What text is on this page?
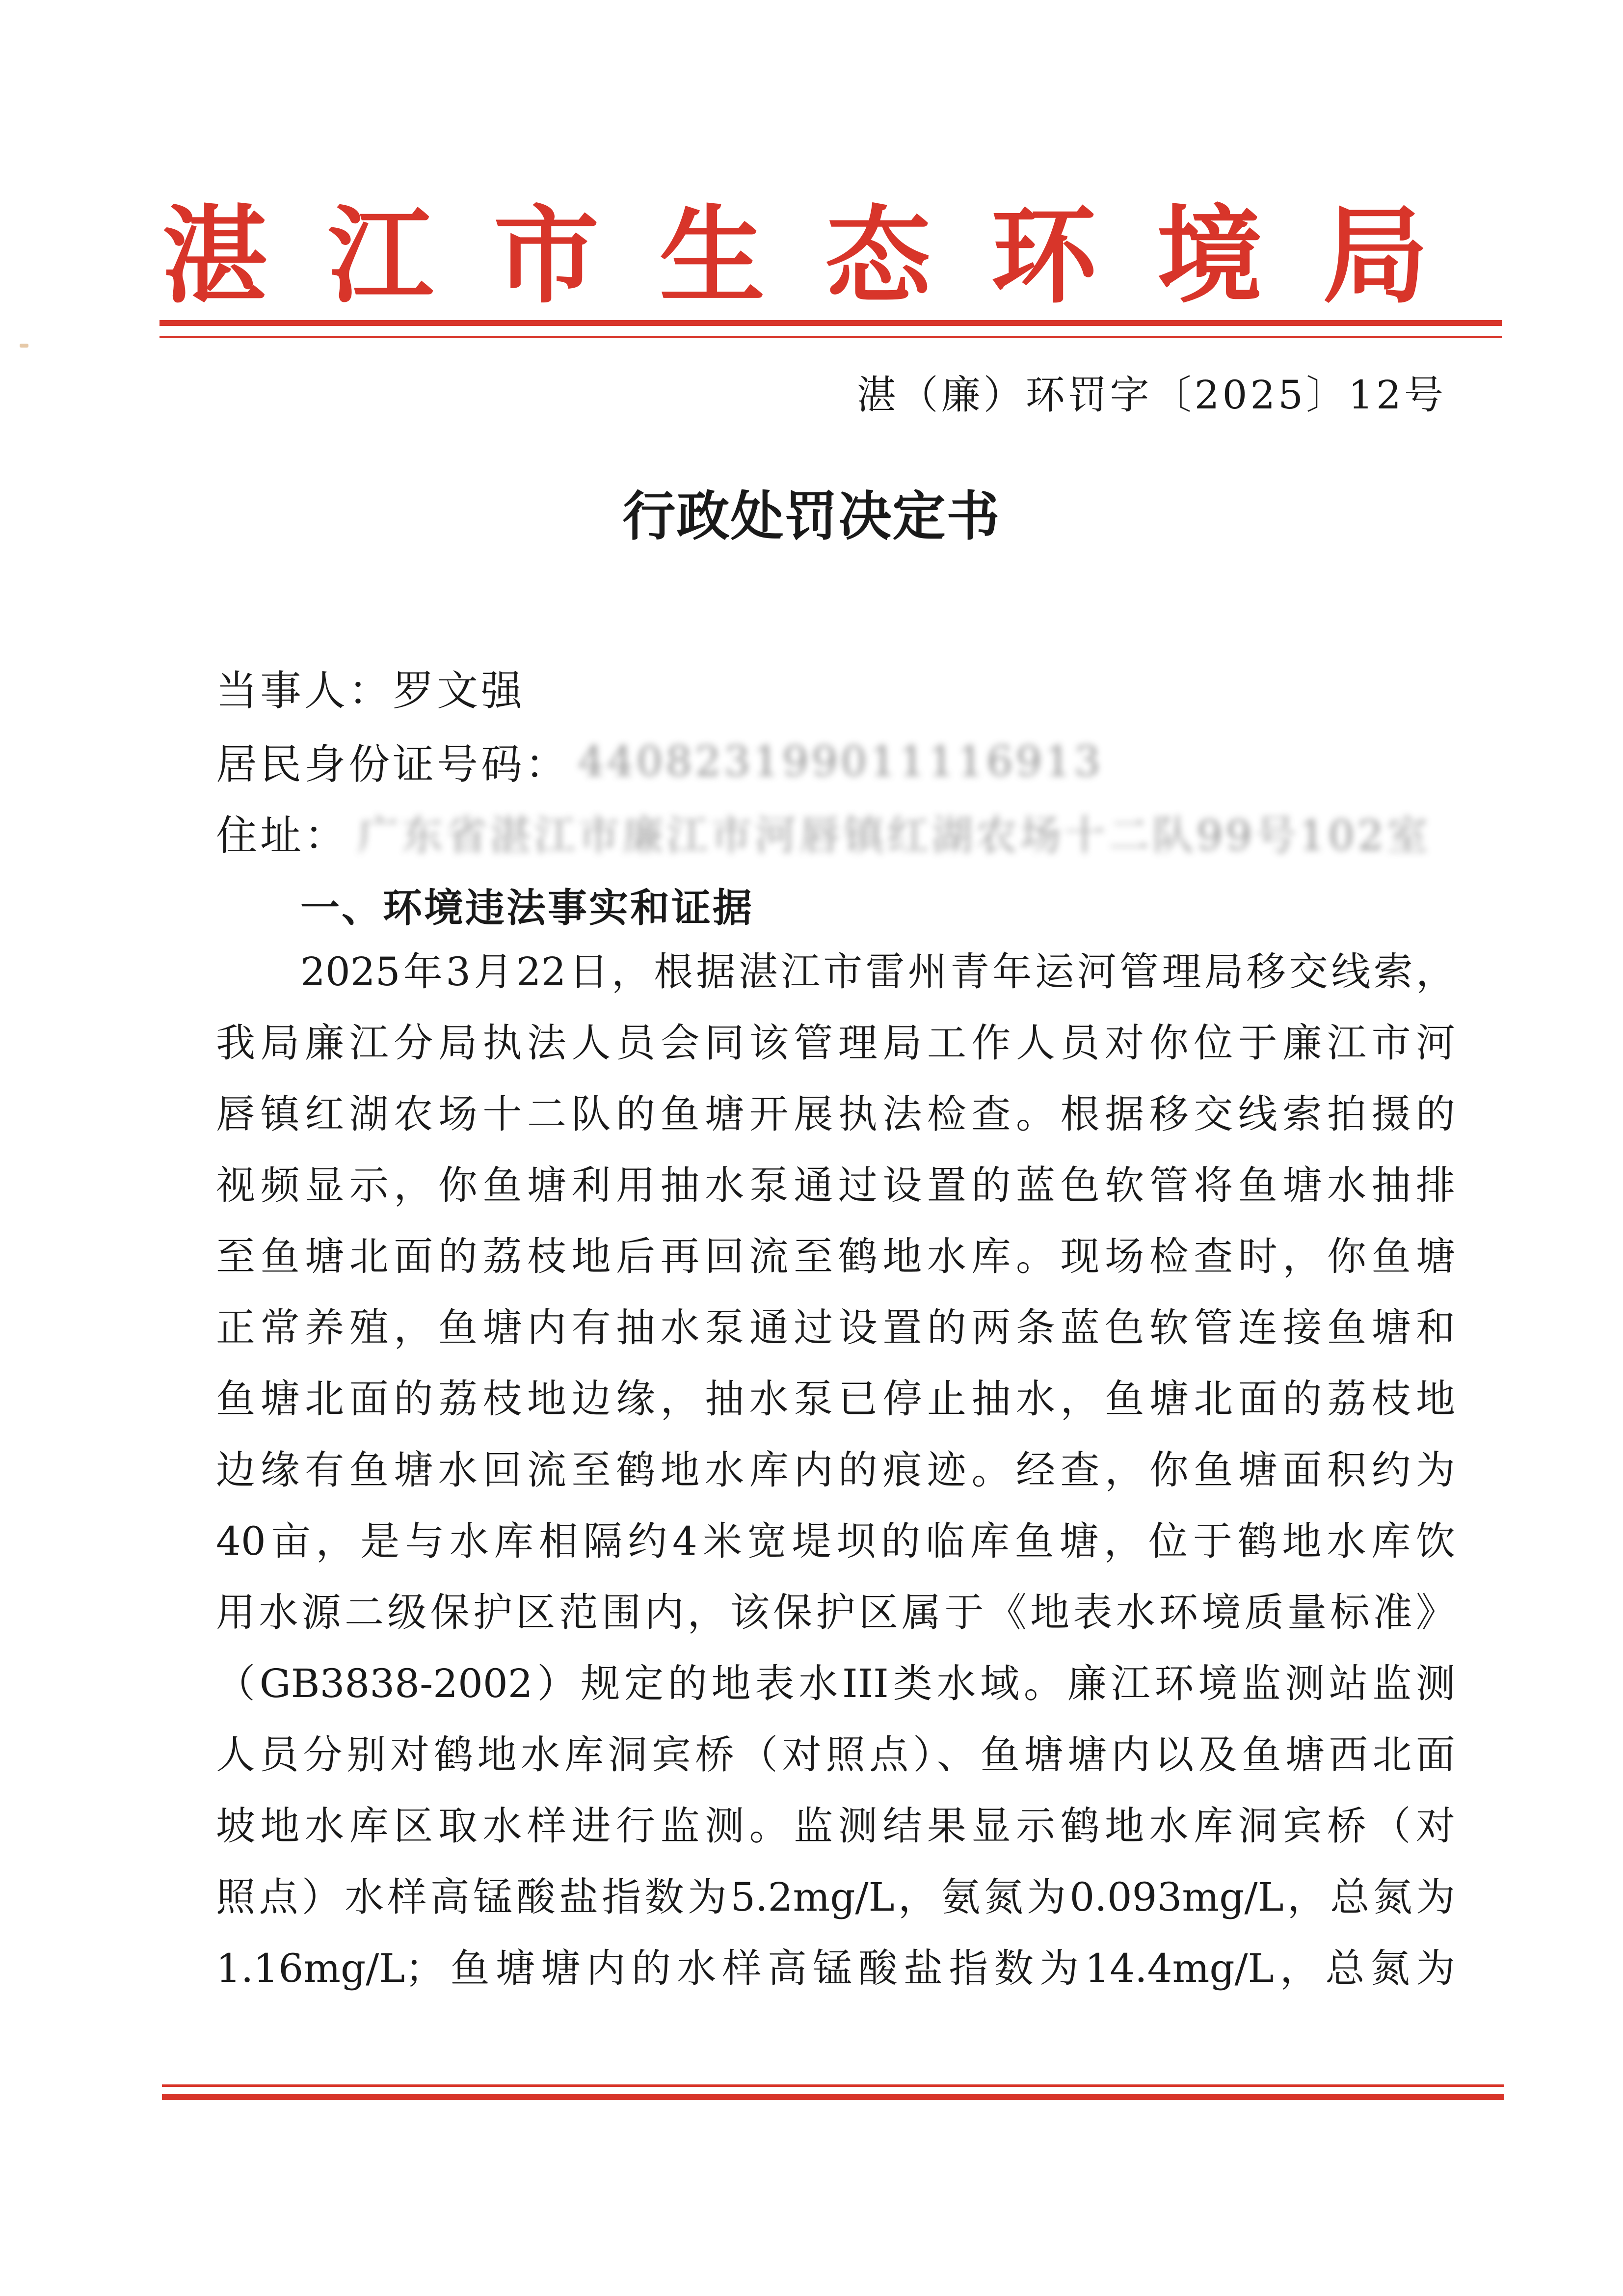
湛 江 市 生 态 环 境 局
湛（廉）环罚字〔2025〕12号
行政处罚决定书
当事人： 罗文强
居民身份证号码： 440823199011116913
住址： 广东省湛江市廉江市河唇镇红湖农场十二队99号102室
一、环境违法事实和证据
2025年3月22日，根据湛江市雷州青年运河管理局移交线索，
我局廉江分局执法人员会同该管理局工作人员对你位于廉江市河
唇镇红湖农场十二队的鱼塘开展执法检查。根据移交线索拍摄的
视频显示，你鱼塘利用抽水泵通过设置的蓝色软管将鱼塘水抽排
至鱼塘北面的荔枝地后再回流至鹤地水库。现场检查时，你鱼塘
正常养殖，鱼塘内有抽水泵通过设置的两条蓝色软管连接鱼塘和
鱼塘北面的荔枝地边缘，抽水泵已停止抽水，鱼塘北面的荔枝地
边缘有鱼塘水回流至鹤地水库内的痕迹。经查，你鱼塘面积约为
40亩，是与水库相隔约4米宽堤坝的临库鱼塘，位于鹤地水库饮
用水源二级保护区范围内，该保护区属于《地表水环境质量标准》
（GB3838-2002）规定的地表水III类水域。廉江环境监测站监测
人员分别对鹤地水库洞宾桥（对照点）、鱼塘塘内以及鱼塘西北面
坡地水库区取水样进行监测。监测结果显示鹤地水库洞宾桥（对
照点）水样高锰酸盐指数为5.2mg/L，氨氮为0.093mg/L，总氮为
1.16mg/L；鱼塘塘内的水样高锰酸盐指数为14.4mg/L，总氮为
